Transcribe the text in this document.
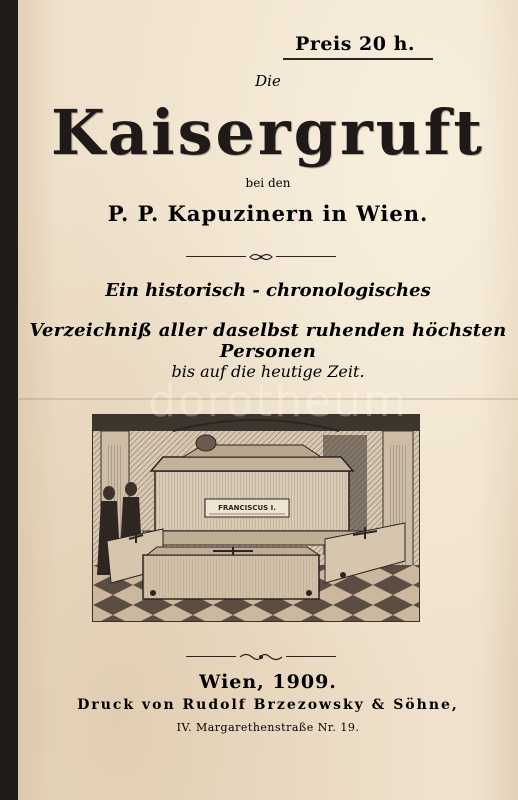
Preis 20 h.
Die
Kaisergruft
bei den
P. P. Kapuzinern in Wien.
Ein historisch - chronologisches
Verzeichniß aller daselbst ruhenden höchsten Personen
bis auf die heutige Zeit.
FRANCISCUS I.
dorotheum
Wien, 1909.
Druck von Rudolf Brzezowsky & Söhne,
IV. Margarethenstraße Nr. 19.
